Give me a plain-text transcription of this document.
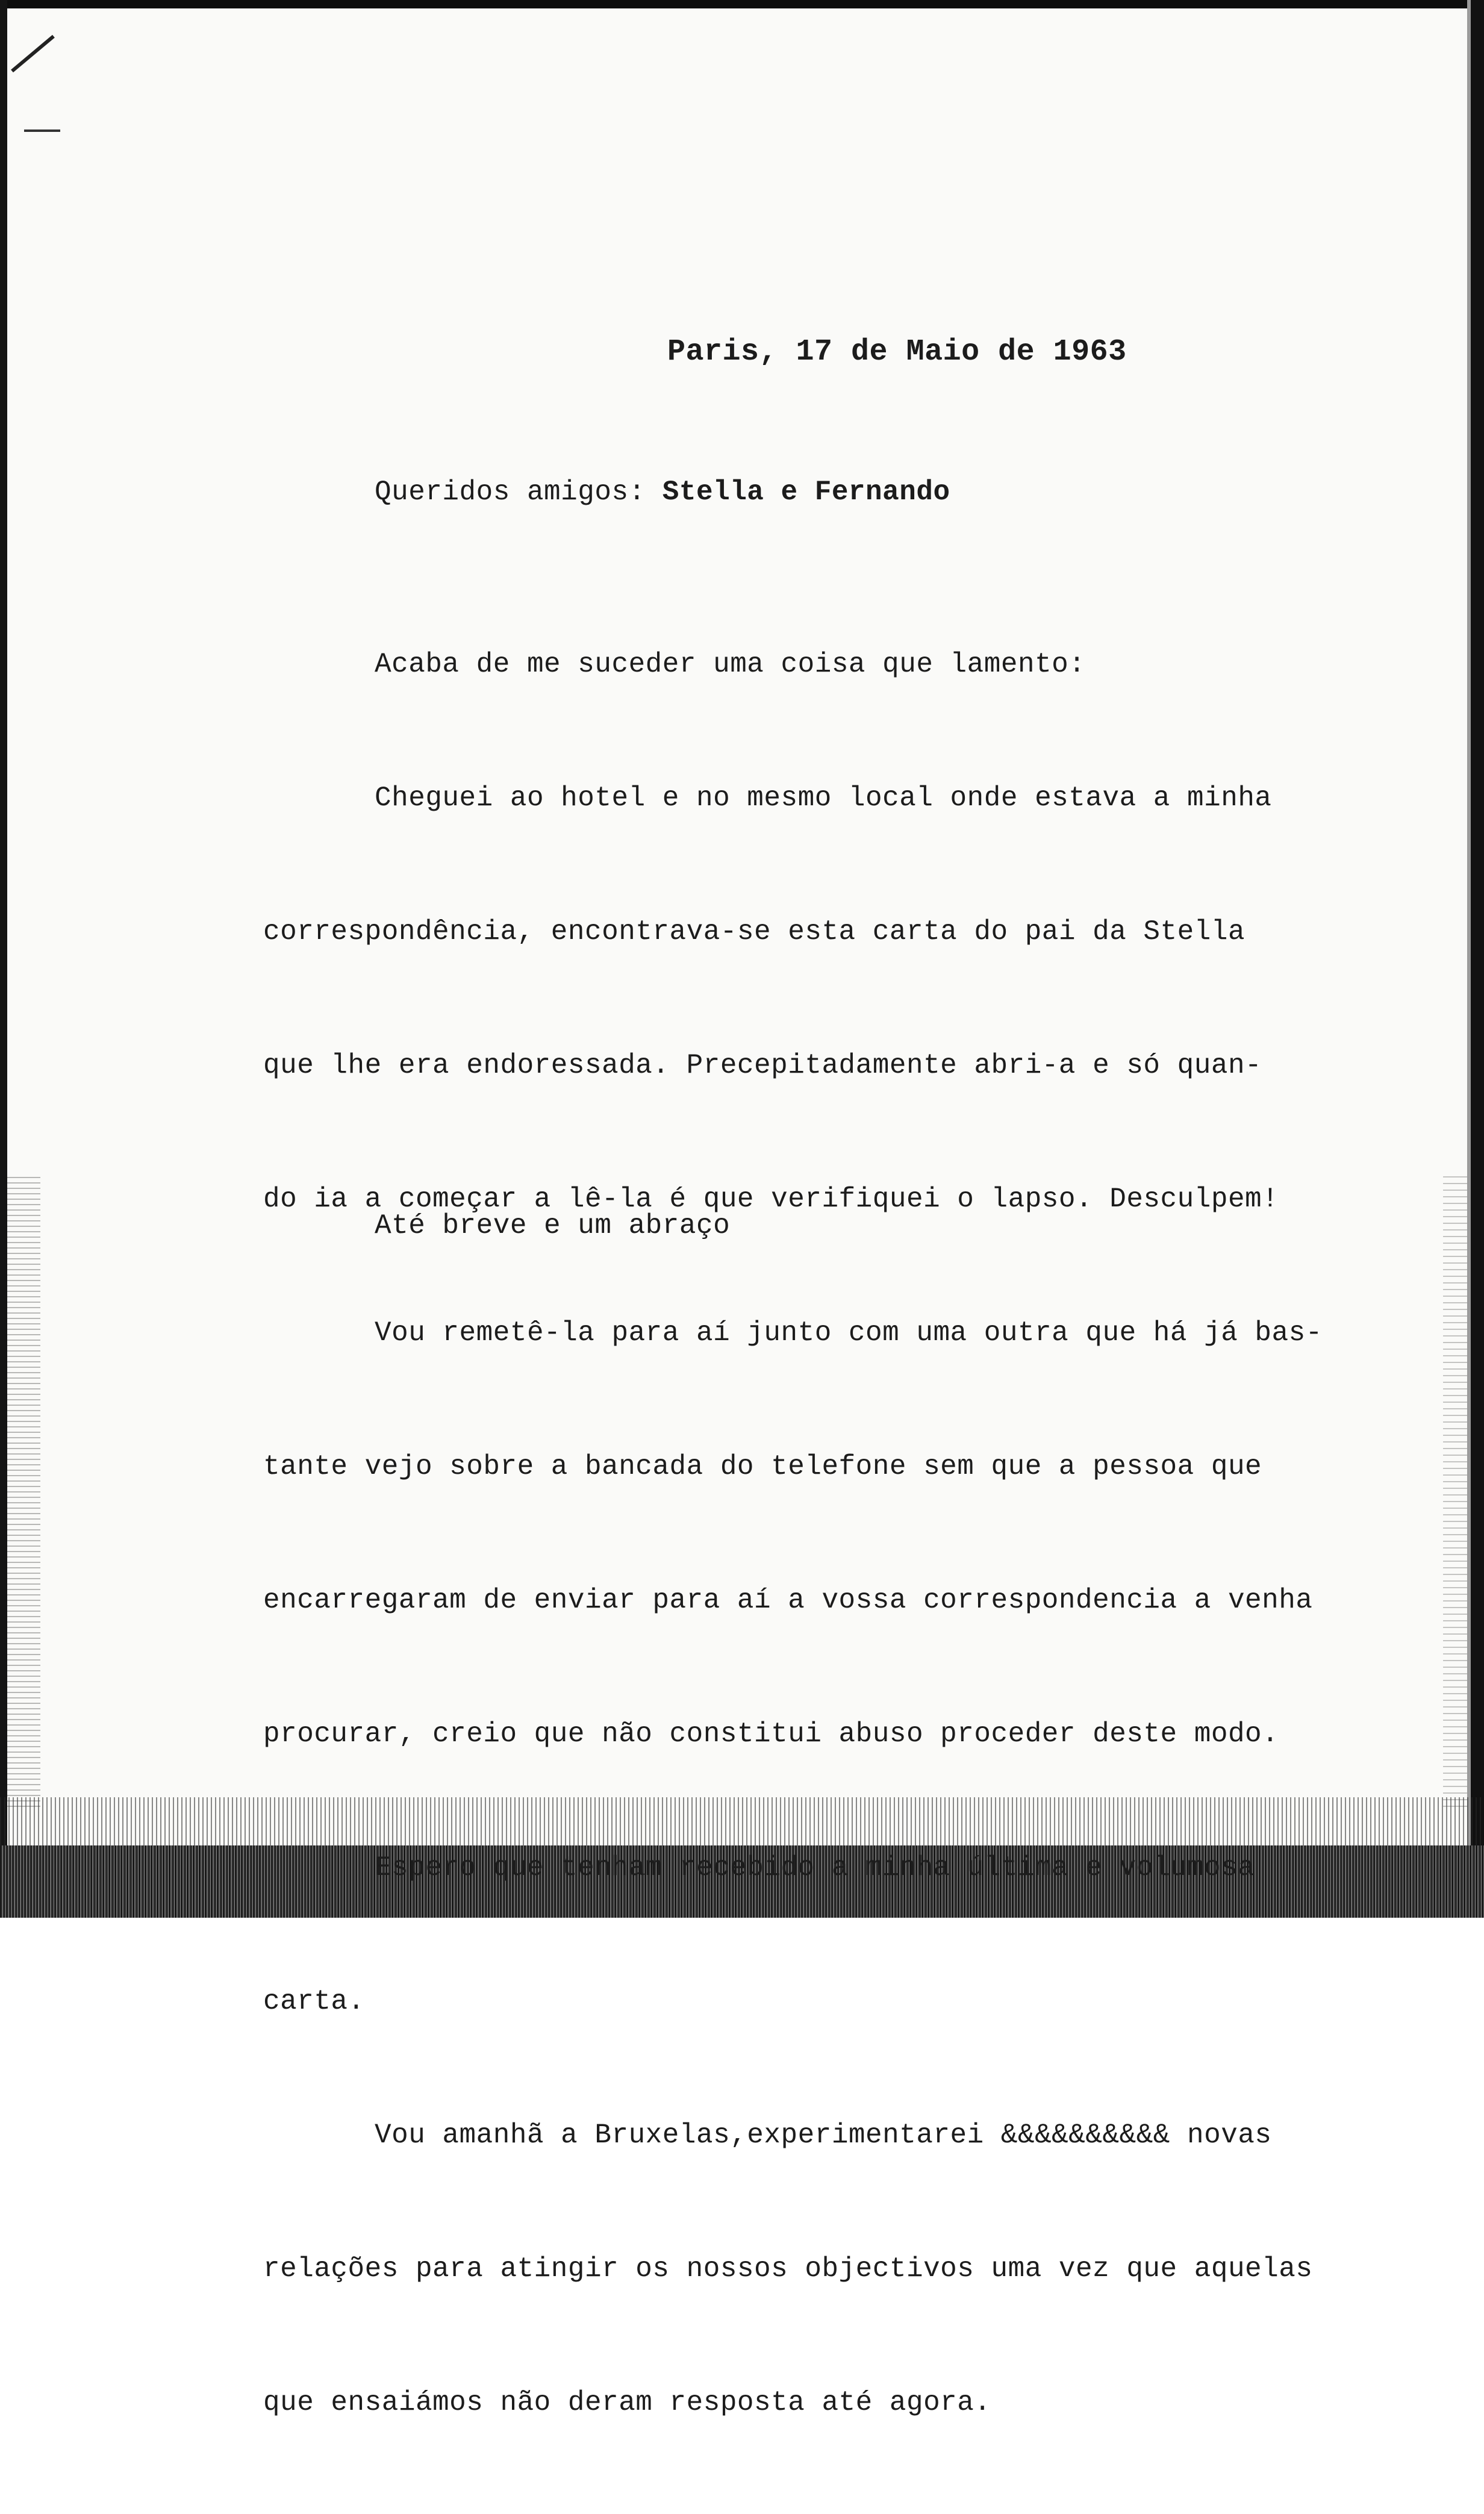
Paris, 17 de Maio de 1963
Queridos amigos: Stella e Fernando

Acaba de me suceder uma coisa que lamento:

Cheguei ao hotel e no mesmo local onde estava a minha

correspondência, encontrava-se esta carta do pai da Stella

que lhe era endoressada. Precepitadamente abri-a e só quan-

do ia a começar a lê-la é que verifiquei o lapso. Desculpem!

Vou remetê-la para aí junto com uma outra que há já bas-

tante vejo sobre a bancada do telefone sem que a pessoa que

encarregaram de enviar para aí a vossa correspondencia a venha

procurar, creio que não constitui abuso proceder deste modo.

Espero que tenham recebido a minha última e volumosa

carta.

Vou amanhã a Bruxelas,experimentarei &&&&&&&&&& novas

relações para atingir os nossos objectivos uma vez que aquelas

que ensaiámos não deram resposta até agora.

Até breve e um abraço
